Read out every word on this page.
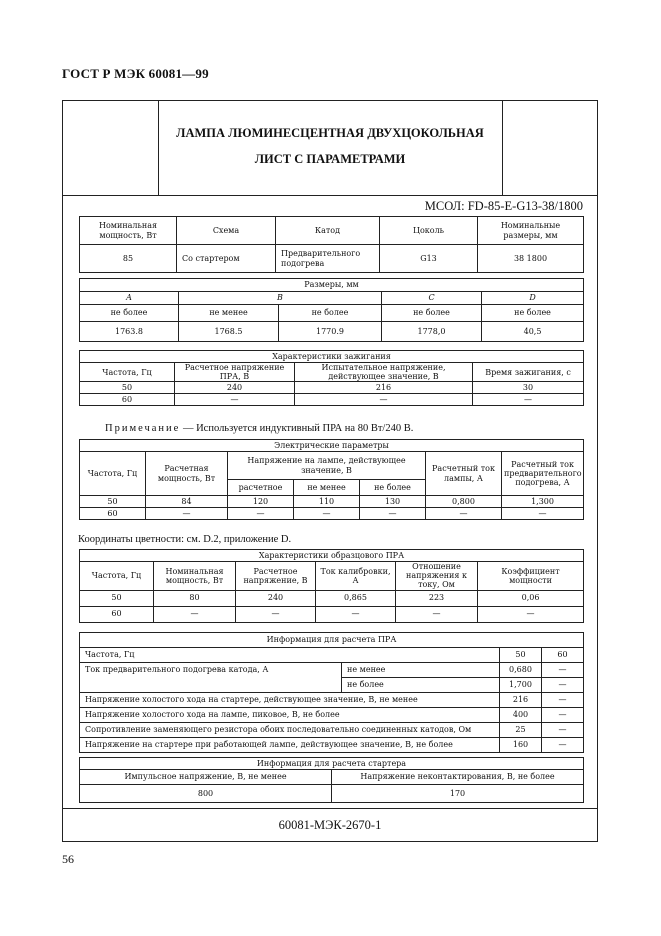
ГОСТ Р МЭК 60081—99
ЛАМПА ЛЮМИНЕСЦЕНТНАЯ ДВУХЦОКОЛЬНАЯ
ЛИСТ С ПАРАМЕТРАМИ
МСОЛ: FD-85-E-G13-38/1800
Номинальная мощность, Вт	Схема	Катод	Цоколь	Номинальные размеры, мм
85	Со стартером	Предварительного подогрева	G13	38 1800
Размеры, мм				
A	B		C	D
не более	не менее	не более	не более	не более
1763.8	1768.5	1770.9	1778,0	40,5
Характеристики зажигания			
Частота, Гц	Расчетное напряжение ПРА, В	Испытательное напряжение, действующее значение, В	Время зажигания, с
50	240	216	30
60	—	—	—
Примечание — Используется индуктивный ПРА на 80 Вт/240 В.
Электрические параметры						
Частота, Гц	Расчетная мощность, Вт	Напряжение на лампе, действующее значение, В			Расчетный ток лампы, А	Расчетный ток предварительного подогрева, А
		расчетное	не менее	не более		
50	84	120	110	130	0,800	1,300
60	—	—	—	—	—	—
Координаты цветности: см. D.2, приложение D.
Характеристики образцового ПРА					
Частота, Гц	Номинальная мощность, Вт	Расчетное напряжение, В	Ток калибровки, А	Отношение напряжения к току, Ом	Коэффициент мощности
50	80	240	0,865	223	0,06
60	—	—	—	—	—
Информация для расчета ПРА			
Частота, Гц		50	60
Ток предварительного подогрева катода, А	не менее	0,680	—
	не более	1,700	—
Напряжение холостого хода на стартере, действующее значение, В, не менее		216	—
Напряжение холостого хода на лампе, пиковое, В, не более		400	—
Сопротивление заменяющего резистора обоих последовательно соединенных катодов, Ом		25	—
Напряжение на стартере при работающей лампе, действующее значение, В, не более		160	—
Информация для расчета стартера	
Импульсное напряжение, В, не менее	Напряжение неконтактирования, В, не более
800	170
60081-МЭК-2670-1
56
